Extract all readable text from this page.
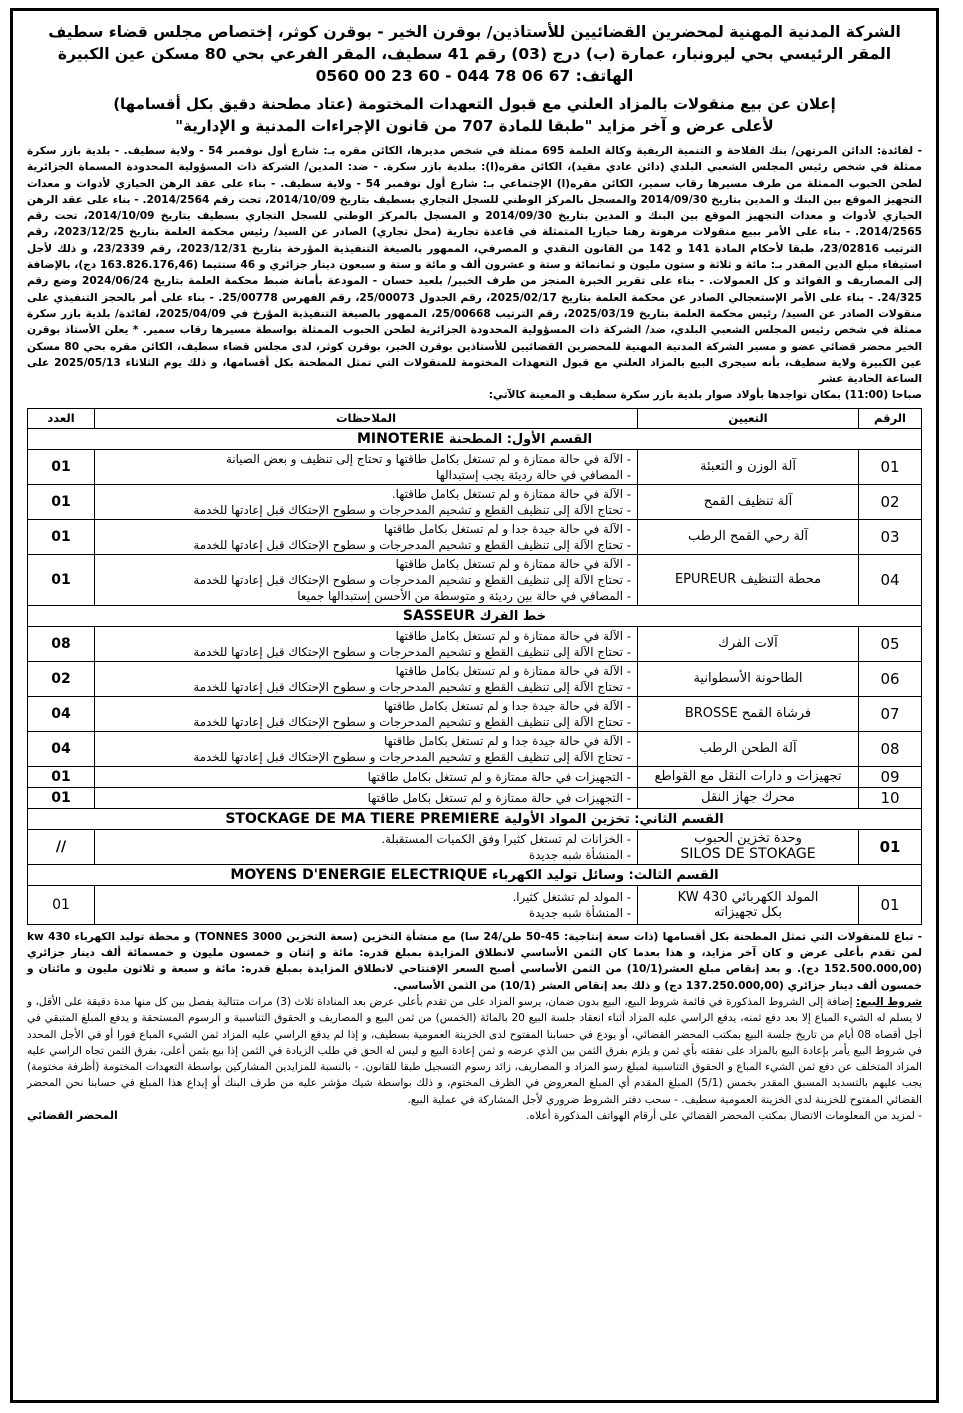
الشركة المدنية المهنية لمحضرين القضائيين للأستاذين/ بوقرن الخير - بوقرن كوثر، إختصاص مجلس قضاء سطيف
المقر الرئيسي بحي ليرونبار، عمارة (ب) درج (03) رقم 41 سطيف، المقر الفرعي بحي 80 مسكن عين الكبيرة
الهاتف: 67 06 78 044 - 60 23 00 0560
إعلان عن بيع منقولات بالمزاد العلني مع قبول التعهدات المختومة (عتاد مطحنة دقيق بكل أقسامها)
لأعلى عرض و آخر مزايد "طبقا للمادة 707 من قانون الإجراءات المدنية و الإدارية"
- لفائدة: الدائن المرتهن/ بنك الفلاحة و التنمية الريفية وكالة العلمة 695 ممثلة في شخص مديرها، الكائن مقره بـ: شارع أول نوفمبر 54 - ولاية سطيف. - بلدية بازر سكرة ممثلة في شخص رئيس المجلس الشعبي البلدي (دائن عادي مقيد)، الكائن مقره(ا): ببلدية بازر سكرة. - ضد: المدين/ الشركة ذات المسؤولية المحدودة المسماة الجزائرية لطحن الحبوب الممثلة من طرف مسيرها رقاب سمير، الكائن مقره(ا) الإجتماعي بـ: شارع أول نوفمبر 54 - ولاية سطيف. - بناء على عقد الرهن الحيازي لأدوات و معدات التجهيز الموقع بين البنك و المدين بتاريخ 2014/09/30 والمسجل بالمركز الوطني للسجل التجاري بسطيف بتاريخ 2014/10/09، تحت رقم 2014/2564. - بناء على عقد الرهن الحيازي لأدوات و معدات التجهيز الموقع بين البنك و المدين بتاريخ 2014/09/30 و المسجل بالمركز الوطني للسجل التجاري بسطيف بتاريخ 2014/10/09، تحت رقم 2014/2565. - بناء على الأمر ببيع منقولات مرهونة رهنا حيازيا المتمثلة في قاعدة تجارية (محل تجاري) الصادر عن السيد/ رئيس محكمة العلمة بتاريخ 2023/12/25، رقم الترتيب 23/02816، طبقا لأحكام المادة 141 و 142 من القانون النقدي و المصرفي، الممهور بالصيغة التنفيذية المؤرخة بتاريخ 2023/12/31، رقم 23/2339، و ذلك لأجل استيفاء مبلغ الدين المقدر بـ: مائة و ثلاثة و ستون مليون و ثمانمائة و ستة و عشرون ألف و مائة و ستة و سبعون دينار جزائري و 46 سنتيما (163.826.176,46 دج)، بالإضافة إلى المصاريف و الفوائد و كل العمولات. - بناء على تقرير الخبرة المنجز من طرف الخبير/ بلعيد حسان - المودعة بأمانة ضبط محكمة العلمة بتاريخ 2024/06/24 وضع رقم 24/325. - بناء على الأمر الإستعجالي الصادر عن محكمة العلمة بتاريخ 2025/02/17، رقم الجدول 25/00073، رقم الفهرس 25/00778. - بناء على أمر بالحجز التنفيذي على منقولات الصادر عن السيد/ رئيس محكمة العلمة بتاريخ 2025/03/19، رقم الترتيب 25/00668، الممهور بالصيغة التنفيذية المؤرخ في 2025/04/09، لفائدة/ بلدية بازر سكرة ممثلة في شخص رئيس المجلس الشعبي البلدي، ضد/ الشركة ذات المسؤولية المحدودة الجزائرية لطحن الحبوب الممثلة بواسطة مسيرها رقاب سمير. * يعلن الأستاذ بوقرن الخير محضر قضائي عضو و مسير الشركة المدنية المهنية للمحضرين القضائيين للأستاذين بوقرن الخير، بوقرن كوثر، لدى مجلس قضاء سطيف، الكائن مقره بحي 80 مسكن عين الكبيرة ولاية سطيف، بأنه سيجرى البيع بالمزاد العلني مع قبول التعهدات المختومة للمنقولات التي تمثل المطحنة بكل أقسامها، و ذلك يوم الثلاثاء 2025/05/13 على الساعة الحادية عشر
صباحا (11:00) بمكان تواجدها بأولاد صوار بلدية بازر سكرة سطيف و المعينة كالآتي:
الرقم	التعيين	الملاحظات	العدد
القسم الأول: المطحنة MINOTERIE			
01	آلة الوزن و التعبئة	- الآلة في حالة ممتازة و لم تستغل بكامل طاقتها و تحتاج إلى تنظيف و بعض الصيانة
- المصافي في حالة رديئة يجب إستبدالها	01
02	آلة تنظيف القمح	- الآلة في حالة ممتازة و لم تستغل بكامل طاقتها.
- تحتاج الآلة إلى تنظيف القطع و تشحيم المدحرجات و سطوح الإحتكاك قبل إعادتها للخدمة	01
03	آلة رحي القمح الرطب	- الآلة في حالة جيدة جدا و لم تستغل بكامل طاقتها
- تحتاج الآلة إلى تنظيف القطع و تشحيم المدحرجات و سطوح الإحتكاك قبل إعادتها للخدمة	01
04	محطة التنظيف EPUREUR	- الآلة في حالة ممتازة و لم تستغل بكامل طاقتها
- تحتاج الآلة إلى تنظيف القطع و تشحيم المدحرجات و سطوح الإحتكاك قبل إعادتها للخدمة
- المصافي في حالة بين رديئة و متوسطة من الأحسن إستبدالها جميعا	01
خط الفرك SASSEUR			
05	آلات الفرك	- الآلة في حالة ممتازة و لم تستغل بكامل طاقتها
- تحتاج الآلة إلى تنظيف القطع و تشحيم المدحرجات و سطوح الإحتكاك قبل إعادتها للخدمة	08
06	الطاحونة الأسطوانية	- الآلة في حالة ممتازة و لم تستغل بكامل طاقتها
- تحتاج الآلة إلى تنظيف القطع و تشحيم المدحرجات و سطوح الإحتكاك قبل إعادتها للخدمة	02
07	فرشاة القمح BROSSE	- الآلة في حالة جيدة جدا و لم تستغل بكامل طاقتها
- تحتاج الآلة إلى تنظيف القطع و تشحيم المدحرجات و سطوح الإحتكاك قبل إعادتها للخدمة	04
08	آلة الطحن الرطب	- الآلة في حالة جيدة جدا و لم تستغل بكامل طاقتها
- تحتاج الآلة إلى تنظيف القطع و تشحيم المدحرجات و سطوح الإحتكاك قبل إعادتها للخدمة	04
09	تجهيزات و دارات النقل مع القواطع	- التجهيزات في حالة ممتازة و لم تستغل بكامل طاقتها	01
10	محرك جهاز النقل	- التجهيزات في حالة ممتازة و لم تستغل بكامل طاقتها	01
القسم الثاني: تخزين المواد الأولية STOCKAGE DE MA TIERE PREMIERE			
01	وحدة تخزين الحبوب
SILOS DE STOKAGE	- الخزانات لم تستغل كثيرا وفق الكميات المستقبلة.
- المنشأة شبه جديدة	//
القسم الثالث: وسائل توليد الكهرباء MOYENS D'ENERGIE ELECTRIQUE			
01	المولد الكهربائي 430 KW
بكل تجهيزاته	- المولد لم تشتغل كثيرا.
- المنشأة شبه جديدة	01
- تباع للمنقولات التي تمثل المطحنة بكل أقسامها (ذات سعة إنتاجية: 45-50 طن/24 سا) مع منشأة التخزين (سعة التخزين 3000 TONNES) و محطة توليد الكهرباء 430 kw لمن تقدم بأعلى عرض و كان آخر مزايد، و هذا بعدما كان الثمن الأساسي لانطلاق المزايدة بمبلغ قدره: مائة و إثنان و خمسون مليون و خمسمائة ألف دينار جزائري (152.500.000,00 دج). و بعد إنقاص مبلغ العشر(10/1) من الثمن الأساسي أصبح السعر الإفتتاحي لانطلاق المزايدة بمبلغ قدره: مائة و سبعة و ثلاثون مليون و مائتان و خمسون ألف دينار جزائري (137.250.000,00 دج) و ذلك بعد إنقاص العشر (10/1) من الثمن الأساسي.
شروط البيع: إضافة إلى الشروط المذكورة في قائمة شروط البيع، البيع بدون ضمان، يرسو المزاد على من تقدم بأعلى عرض بعد المناداة ثلاث (3) مرات متتالية يفصل بين كل منها مدة دقيقة على الأقل، و لا يسلم له الشيء المباع إلا بعد دفع ثمنه، يدفع الراسي عليه المزاد أثناء انعقاد جلسة البيع 20 بالمائة (الخمس) من ثمن البيع و المصاريف و الحقوق التناسبية و الرسوم المستحقة و يدفع المبلغ المتبقي في أجل أقصاه 08 أيام من تاريخ جلسة البيع بمكتب المحضر القضائي، أو يودع في حسابنا المفتوح لدى الخزينة العمومية بسطيف، و إذا لم يدفع الراسي عليه المزاد ثمن الشيء المباع فورا أو في الأجل المحدد في شروط البيع يأمر بإعادة البيع بالمزاد على نفقته بأي ثمن و يلزم بفرق الثمن بين الذي عرضه و ثمن إعادة البيع و ليس له الحق في طلب الزيادة في الثمن إذا بيع بثمن أعلى، بفرق الثمن تجاه الراسي عليه المزاد المتخلف عن دفع ثمن الشيء المباع و الحقوق التناسبية لمبلغ رسو المزاد و المصاريف، زائد رسوم التسجيل طبقا للقانون. - بالنسبة للمزايدين المشاركين بواسطة التعهدات المختومة (أظرفة مختومة) يجب عليهم بالتسديد المسبق المقدر بخمس (5/1) المبلغ المقدم أي المبلغ المعروض في الظرف المختوم، و ذلك بواسطة شيك مؤشر عليه من طرف البنك أو إيداع هذا المبلغ في حسابنا نحن المحضر القضائي المفتوح للخزينة لدى الخزينة العمومية سطيف. - سحب دفتر الشروط ضروري لأجل المشاركة في عملية البيع.
- لمزيد من المعلومات الاتصال بمكتب المحضر القضائي على أرقام الهواتف المذكورة أعلاه.
المحضر القضائي
